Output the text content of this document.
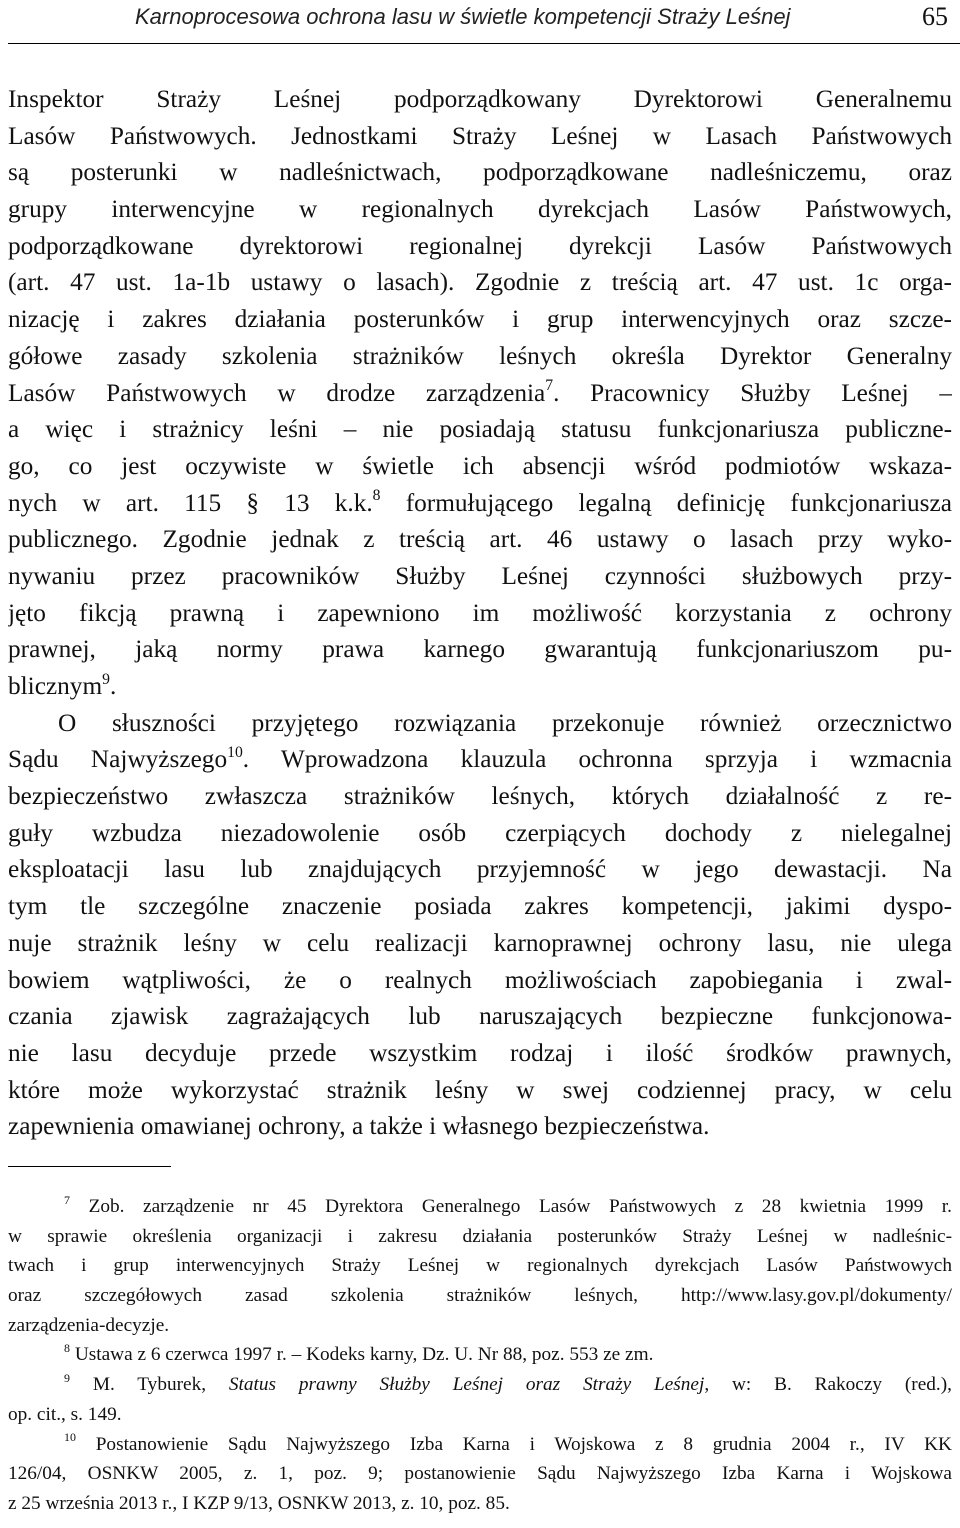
Karnoprocesowa ochrona lasu w świetle kompetencji Straży Leśnej	65
Inspektor Straży Leśnej podporządkowany Dyrektorowi Generalnemu
Lasów Państwowych. Jednostkami Straży Leśnej w Lasach Państwowych
są posterunki w nadleśnictwach, podporządkowane nadleśniczemu, oraz
grupy interwencyjne w regionalnych dyrekcjach Lasów Państwowych,
podporządkowane dyrektorowi regionalnej dyrekcji Lasów Państwowych
(art. 47 ust. 1a-1b ustawy o lasach). Zgodnie z treścią art. 47 ust. 1c orga-
nizację i zakres działania posterunków i grup interwencyjnych oraz szcze-
gółowe zasady szkolenia strażników leśnych określa Dyrektor Generalny
Lasów Państwowych w drodze zarządzenia$^7$. Pracownicy Służby Leśnej –
a więc i strażnicy leśni – nie posiadają statusu funkcjonariusza publiczne-
go, co jest oczywiste w świetle ich absencji wśród podmiotów wskaza-
nych w art. 115 § 13 k.k.$^8$ formułującego legalną definicję funkcjonariusza
publicznego. Zgodnie jednak z treścią art. 46 ustawy o lasach przy wyko-
nywaniu przez pracowników Służby Leśnej czynności służbowych przy-
jęto fikcją prawną i zapewniono im możliwość korzystania z ochrony
prawnej, jaką normy prawa karnego gwarantują funkcjonariuszom pu-
blicznym$^9$.
O słuszności przyjętego rozwiązania przekonuje również orzecznictwo
Sądu Najwyższego$^{10}$. Wprowadzona klauzula ochronna sprzyja i wzmacnia
bezpieczeństwo zwłaszcza strażników leśnych, których działalność z re-
guły wzbudza niezadowolenie osób czerpiących dochody z nielegalnej
eksploatacji lasu lub znajdujących przyjemność w jego dewastacji. Na
tym tle szczególne znaczenie posiada zakres kompetencji, jakimi dyspo-
nuje strażnik leśny w celu realizacji karnoprawnej ochrony lasu, nie ulega
bowiem wątpliwości, że o realnych możliwościach zapobiegania i zwal-
czania zjawisk zagrażających lub naruszających bezpieczne funkcjonowa-
nie lasu decyduje przede wszystkim rodzaj i ilość środków prawnych,
które może wykorzystać strażnik leśny w swej codziennej pracy, w celu
zapewnienia omawianej ochrony, a także i własnego bezpieczeństwa.
$^7$ Zob. zarządzenie nr 45 Dyrektora Generalnego Lasów Państwowych z 28 kwietnia 1999 r.
w sprawie określenia organizacji i zakresu działania posterunków Straży Leśnej w nadleśnic-
twach i grup interwencyjnych Straży Leśnej w regionalnych dyrekcjach Lasów Państwowych
oraz szczegółowych zasad szkolenia strażników leśnych, http://www.lasy.gov.pl/dokumenty/
zarządzenia-decyzje.
$^8$ Ustawa z 6 czerwca 1997 r. – Kodeks karny, Dz. U. Nr 88, poz. 553 ze zm.
$^9$ M. Tyburek, Status prawny Służby Leśnej oraz Straży Leśnej, w: B. Rakoczy (red.),
op. cit., s. 149.
$^{10}$ Postanowienie Sądu Najwyższego Izba Karna i Wojskowa z 8 grudnia 2004 r., IV KK
126/04, OSNKW 2005, z. 1, poz. 9; postanowienie Sądu Najwyższego Izba Karna i Wojskowa
z 25 września 2013 r., I KZP 9/13, OSNKW 2013, z. 10, poz. 85.
